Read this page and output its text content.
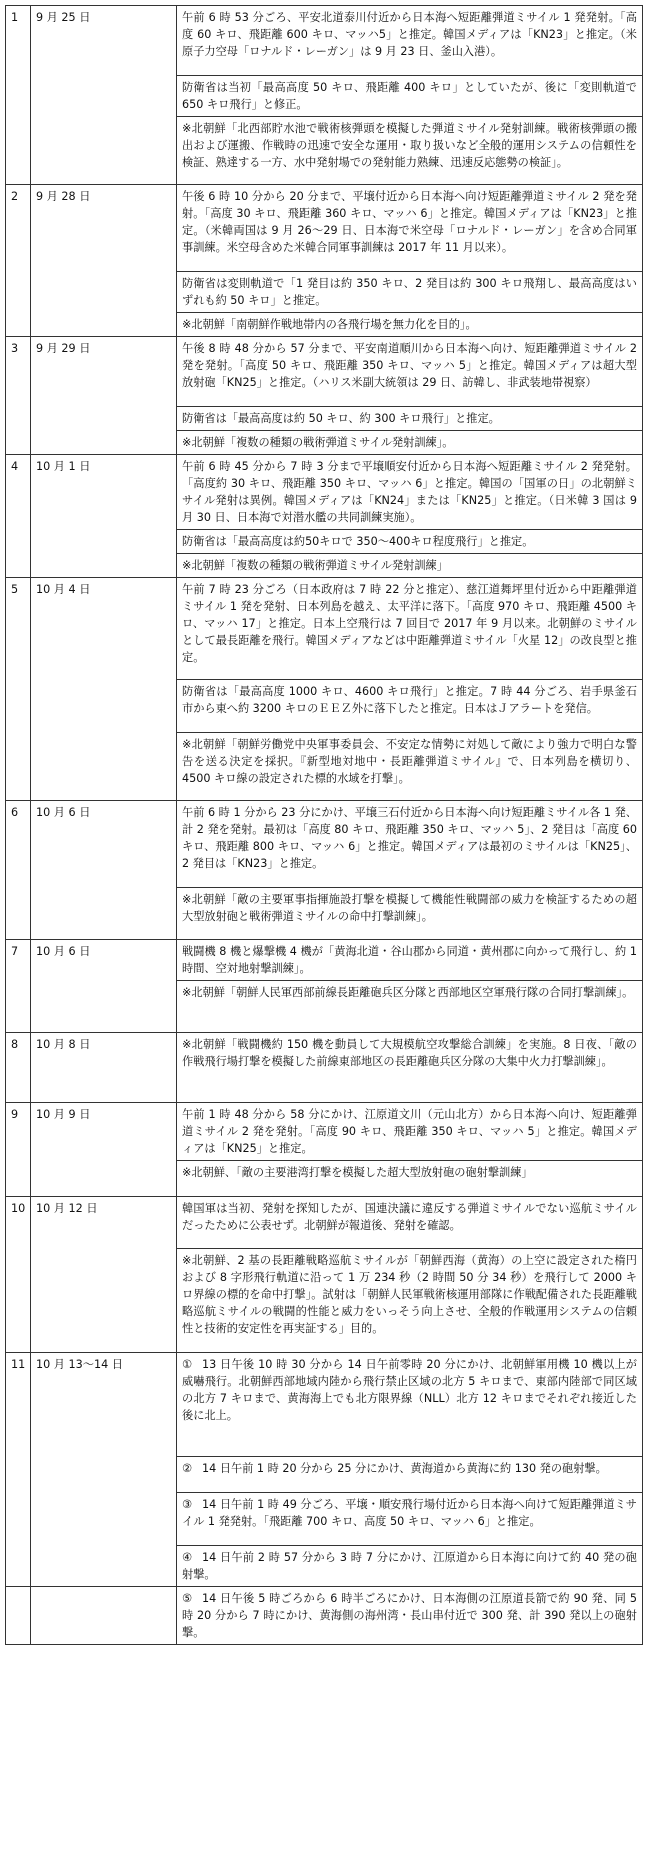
1	9 月 25 日	午前 6 時 53 分ごろ、平安北道泰川付近から日本海へ短距離弾道ミサイル 1 発発射。「高度 60 キロ、飛距離 600 キロ、マッハ5」と推定。韓国メディアは「KN23」と推定。（米原子力空母「ロナルド・レーガン」は 9 月 23 日、釜山入港）。
		防衛省は当初「最高高度 50 キロ、飛距離 400 キロ」としていたが、後に「変則軌道で 650 キロ飛行」と修正。
		※北朝鮮「北西部貯水池で戦術核弾頭を模擬した弾道ミサイル発射訓練。戦術核弾頭の搬出および運搬、作戦時の迅速で安全な運用・取り扱いなど全般的運用システムの信頼性を検証、熟達する一方、水中発射場での発射能力熟練、迅速反応態勢の検証」。
2	9 月 28 日	午後 6 時 10 分から 20 分まで、平壌付近から日本海へ向け短距離弾道ミサイル 2 発を発射。「高度 30 キロ、飛距離 360 キロ、マッハ 6」と推定。韓国メディアは「KN23」と推定。（米韓両国は 9 月 26～29 日、日本海で米空母「ロナルド・レーガン」を含め合同軍事訓練。米空母含めた米韓合同軍事訓練は 2017 年 11 月以来）。
		防衛省は変則軌道で「1 発目は約 350 キロ、2 発目は約 300 キロ飛翔し、最高高度はいずれも約 50 キロ」と推定。
		※北朝鮮「南朝鮮作戦地帯内の各飛行場を無力化を目的」。
3	9 月 29 日	午後 8 時 48 分から 57 分まで、平安南道順川から日本海へ向け、短距離弾道ミサイル 2 発を発射。「高度 50 キロ、飛距離 350 キロ、マッハ 5」と推定。韓国メディアは超大型放射砲「KN25」と推定。（ハリス米副大統領は 29 日、訪韓し、非武装地帯視察）
		防衛省は「最高高度は約 50 キロ、約 300 キロ飛行」と推定。
		※北朝鮮「複数の種類の戦術弾道ミサイル発射訓練」。
4	10 月 1 日	午前 6 時 45 分から 7 時 3 分まで平壌順安付近から日本海へ短距離ミサイル 2 発発射。「高度約 30 キロ、飛距離 350 キロ、マッハ 6」と推定。韓国の「国軍の日」の北朝鮮ミサイル発射は異例。韓国メディアは「KN24」または「KN25」と推定。（日米韓 3 国は 9 月 30 日、日本海で対潜水艦の共同訓練実施）。
		防衛省は「最高高度は約50キロで 350～400キロ程度飛行」と推定。
		※北朝鮮「複数の種類の戦術弾道ミサイル発射訓練」
5	10 月 4 日	午前 7 時 23 分ごろ（日本政府は 7 時 22 分と推定）、慈江道舞坪里付近から中距離弾道ミサイル 1 発を発射、日本列島を越え、太平洋に落下。「高度 970 キロ、飛距離 4500 キロ、マッハ 17」と推定。日本上空飛行は 7 回目で 2017 年 9 月以来。北朝鮮のミサイルとして最長距離を飛行。韓国メディアなどは中距離弾道ミサイル「火星 12」の改良型と推定。
		防衛省は「最高高度 1000 キロ、4600 キロ飛行」と推定。7 時 44 分ごろ、岩手県釜石市から東へ約 3200 キロのＥＥＺ外に落下したと推定。日本はＪアラートを発信。
		※北朝鮮「朝鮮労働党中央軍事委員会、不安定な情勢に対処して敵により強力で明白な警告を送る決定を採択。『新型地対地中・長距離弾道ミサイル』で、日本列島を横切り、4500 キロ線の設定された標的水域を打撃」。
6	10 月 6 日	午前 6 時 1 分から 23 分にかけ、平壌三石付近から日本海へ向け短距離ミサイル各 1 発、計 2 発を発射。最初は「高度 80 キロ、飛距離 350 キロ、マッハ 5」、2 発目は「高度 60 キロ、飛距離 800 キロ、マッハ 6」と推定。韓国メディアは最初のミサイルは「KN25」、2 発目は「KN23」と推定。
		※北朝鮮「敵の主要軍事指揮施設打撃を模擬して機能性戦闘部の威力を検証するための超大型放射砲と戦術弾道ミサイルの命中打撃訓練」。
7	10 月 6 日	戦闘機 8 機と爆撃機 4 機が「黄海北道・谷山郡から同道・黄州郡に向かって飛行し、約 1 時間、空対地射撃訓練」。
		※北朝鮮「朝鮮人民軍西部前線長距離砲兵区分隊と西部地区空軍飛行隊の合同打撃訓練」。
8	10 月 8 日	※北朝鮮「戦闘機約 150 機を動員して大規模航空攻撃総合訓練」を実施。8 日夜、「敵の作戦飛行場打撃を模擬した前線東部地区の長距離砲兵区分隊の大集中火力打撃訓練」。
9	10 月 9 日	午前 1 時 48 分から 58 分にかけ、江原道文川（元山北方）から日本海へ向け、短距離弾道ミサイル 2 発を発射。「高度 90 キロ、飛距離 350 キロ、マッハ 5」と推定。韓国メディアは「KN25」と推定。
		※北朝鮮、「敵の主要港湾打撃を模擬した超大型放射砲の砲射撃訓練」
10	10 月 12 日	韓国軍は当初、発射を探知したが、国連決議に違反する弾道ミサイルでない巡航ミサイルだったために公表せず。北朝鮮が報道後、発射を確認。
		※北朝鮮、2 基の長距離戦略巡航ミサイルが「朝鮮西海（黄海）の上空に設定された楕円および 8 字形飛行軌道に沿って 1 万 234 秒（2 時間 50 分 34 秒）を飛行して 2000 キロ界線の標的を命中打撃」。試射は「朝鮮人民軍戦術核運用部隊に作戦配備された長距離戦略巡航ミサイルの戦闘的性能と威力をいっそう向上させ、全般的作戦運用システムの信頼性と技術的安定性を再実証する」目的。
11	10 月 13～14 日	① 13 日午後 10 時 30 分から 14 日午前零時 20 分にかけ、北朝鮮軍用機 10 機以上が威嚇飛行。北朝鮮西部地域内陸から飛行禁止区域の北方 5 キロまで、東部内陸部で同区域の北方 7 キロまで、黄海海上でも北方限界線（NLL）北方 12 キロまでそれぞれ接近した後に北上。
		② 14 日午前 1 時 20 分から 25 分にかけ、黄海道から黄海に約 130 発の砲射撃。
		③ 14 日午前 1 時 49 分ごろ、平壌・順安飛行場付近から日本海へ向けて短距離弾道ミサイル 1 発発射。「飛距離 700 キロ、高度 50 キロ、マッハ 6」と推定。
		④ 14 日午前 2 時 57 分から 3 時 7 分にかけ、江原道から日本海に向けて約 40 発の砲射撃。
		⑤ 14 日午後 5 時ごろから 6 時半ごろにかけ、日本海側の江原道長箭で約 90 発、同 5 時 20 分から 7 時にかけ、黄海側の海州湾・長山串付近で 300 発、計 390 発以上の砲射撃。
